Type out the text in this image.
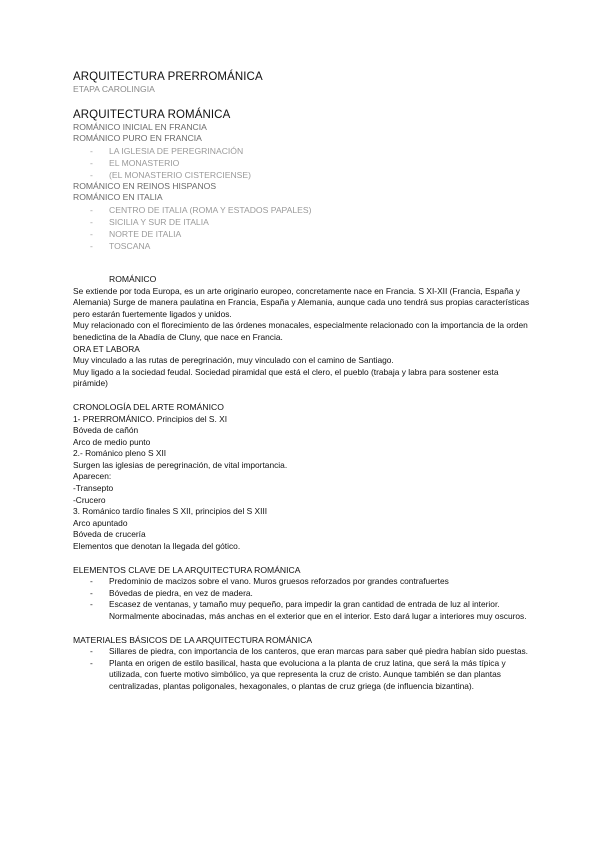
ARQUITECTURA PRERROMÁNICA

ETAPA CAROLINGIA

ARQUITECTURA ROMÁNICA

ROMÁNICO INICIAL EN FRANCIA

ROMÁNICO PURO EN FRANCIA

- LA IGLESIA DE PEREGRINACIÓN
- EL MONASTERIO
- (EL MONASTERIO CISTERCIENSE)

ROMÁNICO EN REINOS HISPANOS

ROMÁNICO EN ITALIA

- CENTRO DE ITALIA (ROMA Y ESTADOS PAPALES)
- SICILIA Y SUR DE ITALIA
- NORTE DE ITALIA
- TOSCANA

ROMÁNICO

Se extiende por toda Europa, es un arte originario europeo, concretamente nace en Francia. S XI-XII (Francia, España y Alemania) Surge de manera paulatina en Francia, España y Alemania, aunque cada uno tendrá sus propias características pero estarán fuertemente ligados y unidos.

Muy relacionado con el florecimiento de las órdenes monacales, especialmente relacionado con la importancia de la orden benedictina de la Abadía de Cluny, que nace en Francia.

ORA ET LABORA

Muy vinculado a las rutas de peregrinación, muy vinculado con el camino de Santiago.

Muy ligado a la sociedad feudal. Sociedad piramidal que está el clero, el pueblo (trabaja y labra para sostener esta pirámide)

CRONOLOGÍA DEL ARTE ROMÁNICO

1- PRERROMÁNICO. Principios del S. XI

Bóveda de cañón

Arco de medio punto

2.- Románico pleno S XII

Surgen las iglesias de peregrinación, de vital importancia.

Aparecen:

-Transepto

-Crucero

3. Románico tardío finales S XII, principios del S XIII

Arco apuntado

Bóveda de crucería

Elementos que denotan la llegada del gótico.

ELEMENTOS CLAVE DE LA ARQUITECTURA ROMÁNICA

- Predominio de macizos sobre el vano. Muros gruesos reforzados por grandes contrafuertes
- Bóvedas de piedra, en vez de madera.
- Escasez de ventanas, y tamaño muy pequeño, para impedir la gran cantidad de entrada de luz al interior. Normalmente abocinadas, más anchas en el exterior que en el interior. Esto dará lugar a interiores muy oscuros.

MATERIALES BÁSICOS DE LA ARQUITECTURA ROMÁNICA

- Sillares de piedra, con importancia de los canteros, que eran marcas para saber qué piedra habían sido puestas.
- Planta en origen de estilo basilical, hasta que evoluciona a la planta de cruz latina, que será la más típica y utilizada, con fuerte motivo simbólico, ya que representa la cruz de cristo. Aunque también se dan plantas centralizadas, plantas poligonales, hexagonales, o plantas de cruz griega (de influencia bizantina).
